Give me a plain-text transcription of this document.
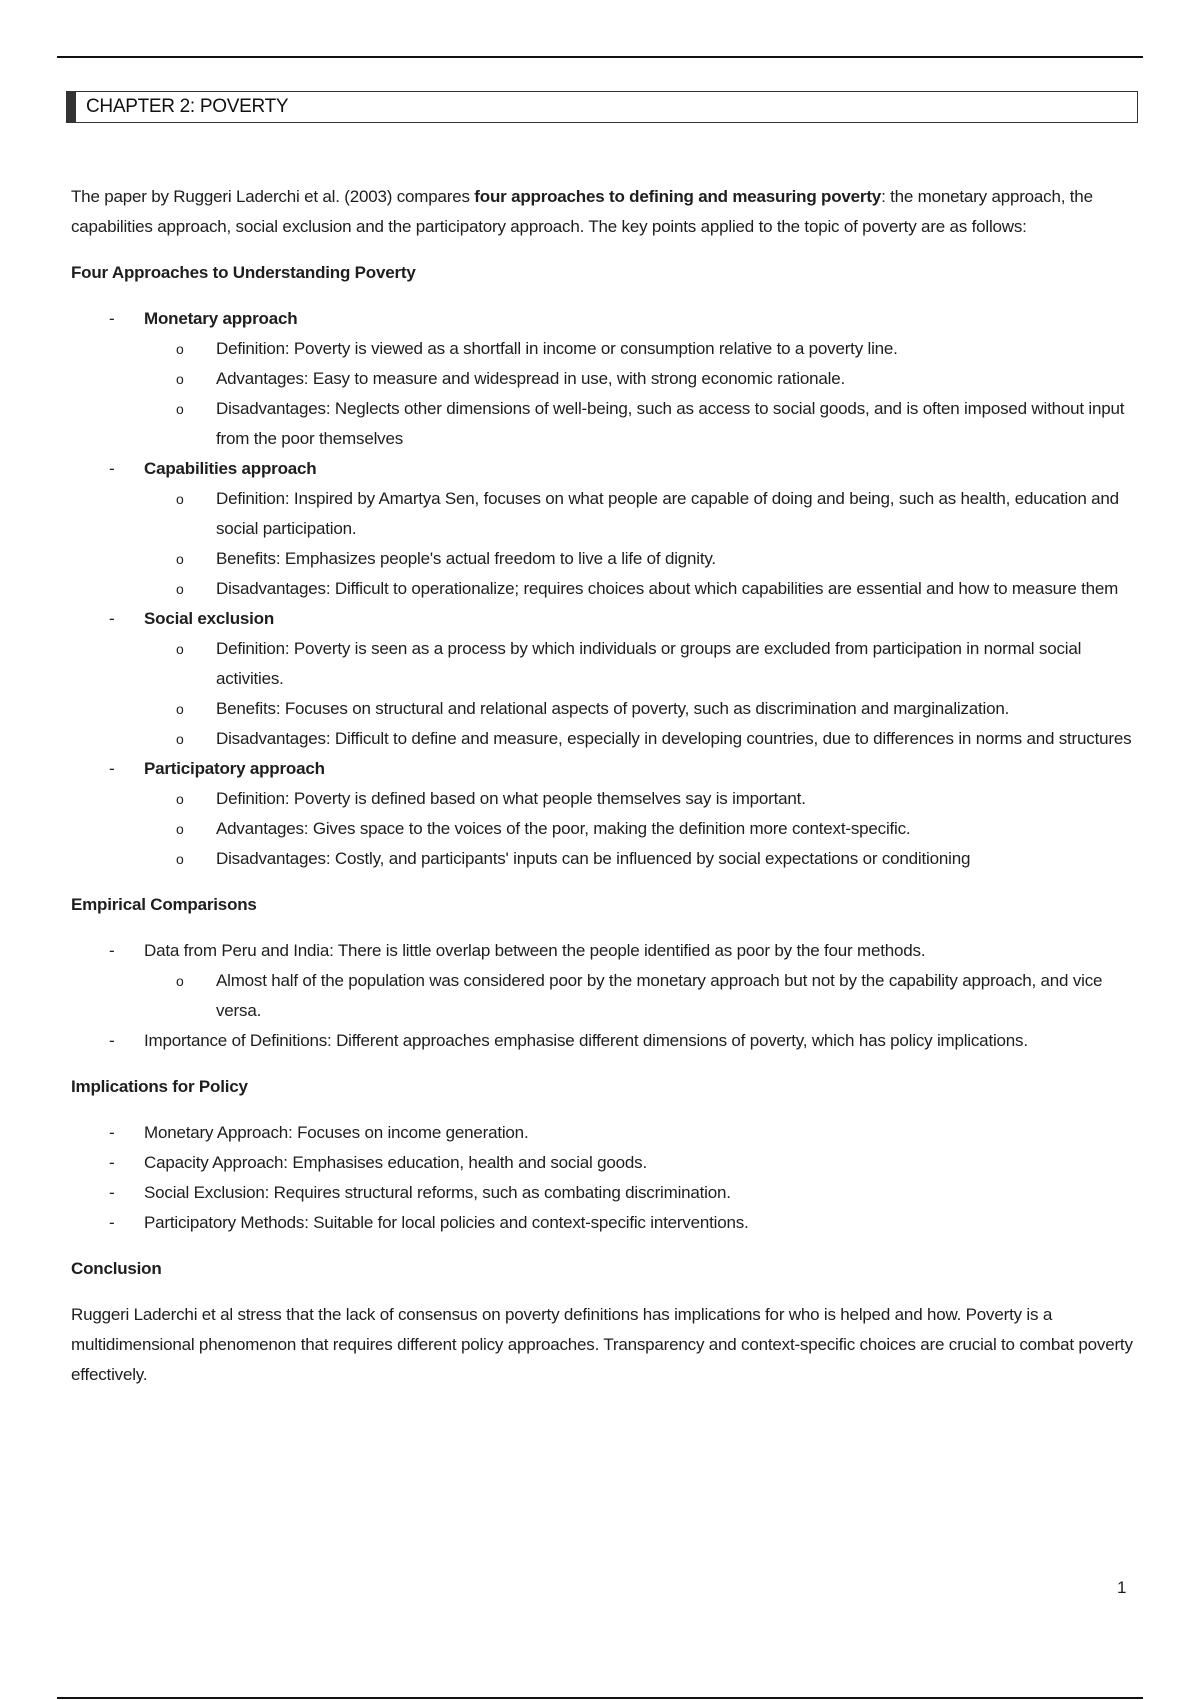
CHAPTER 2: POVERTY

The paper by Ruggeri Laderchi et al. (2003) compares four approaches to defining and measuring poverty: the monetary approach, the capabilities approach, social exclusion and the participatory approach. The key points applied to the topic of poverty are as follows:

Four Approaches to Understanding Poverty

-	Monetary approach
o	Definition: Poverty is viewed as a shortfall in income or consumption relative to a poverty line.
o	Advantages: Easy to measure and widespread in use, with strong economic rationale.
o	Disadvantages: Neglects other dimensions of well-being, such as access to social goods, and is often imposed without input from the poor themselves
-	Capabilities approach
o	Definition: Inspired by Amartya Sen, focuses on what people are capable of doing and being, such as health, education and social participation.
o	Benefits: Emphasizes people's actual freedom to live a life of dignity.
o	Disadvantages: Difficult to operationalize; requires choices about which capabilities are essential and how to measure them
-	Social exclusion
o	Definition: Poverty is seen as a process by which individuals or groups are excluded from participation in normal social activities.
o	Benefits: Focuses on structural and relational aspects of poverty, such as discrimination and marginalization.
o	Disadvantages: Difficult to define and measure, especially in developing countries, due to differences in norms and structures
-	Participatory approach
o	Definition: Poverty is defined based on what people themselves say is important.
o	Advantages: Gives space to the voices of the poor, making the definition more context-specific.
o	Disadvantages: Costly, and participants' inputs can be influenced by social expectations or conditioning

Empirical Comparisons

-	Data from Peru and India: There is little overlap between the people identified as poor by the four methods.
o	Almost half of the population was considered poor by the monetary approach but not by the capability approach, and vice versa.
-	Importance of Definitions: Different approaches emphasise different dimensions of poverty, which has policy implications.

Implications for Policy

-	Monetary Approach: Focuses on income generation.
-	Capacity Approach: Emphasises education, health and social goods.
-	Social Exclusion: Requires structural reforms, such as combating discrimination.
-	Participatory Methods: Suitable for local policies and context-specific interventions.

Conclusion

Ruggeri Laderchi et al stress that the lack of consensus on poverty definitions has implications for who is helped and how. Poverty is a multidimensional phenomenon that requires different policy approaches. Transparency and context-specific choices are crucial to combat poverty effectively.

1
